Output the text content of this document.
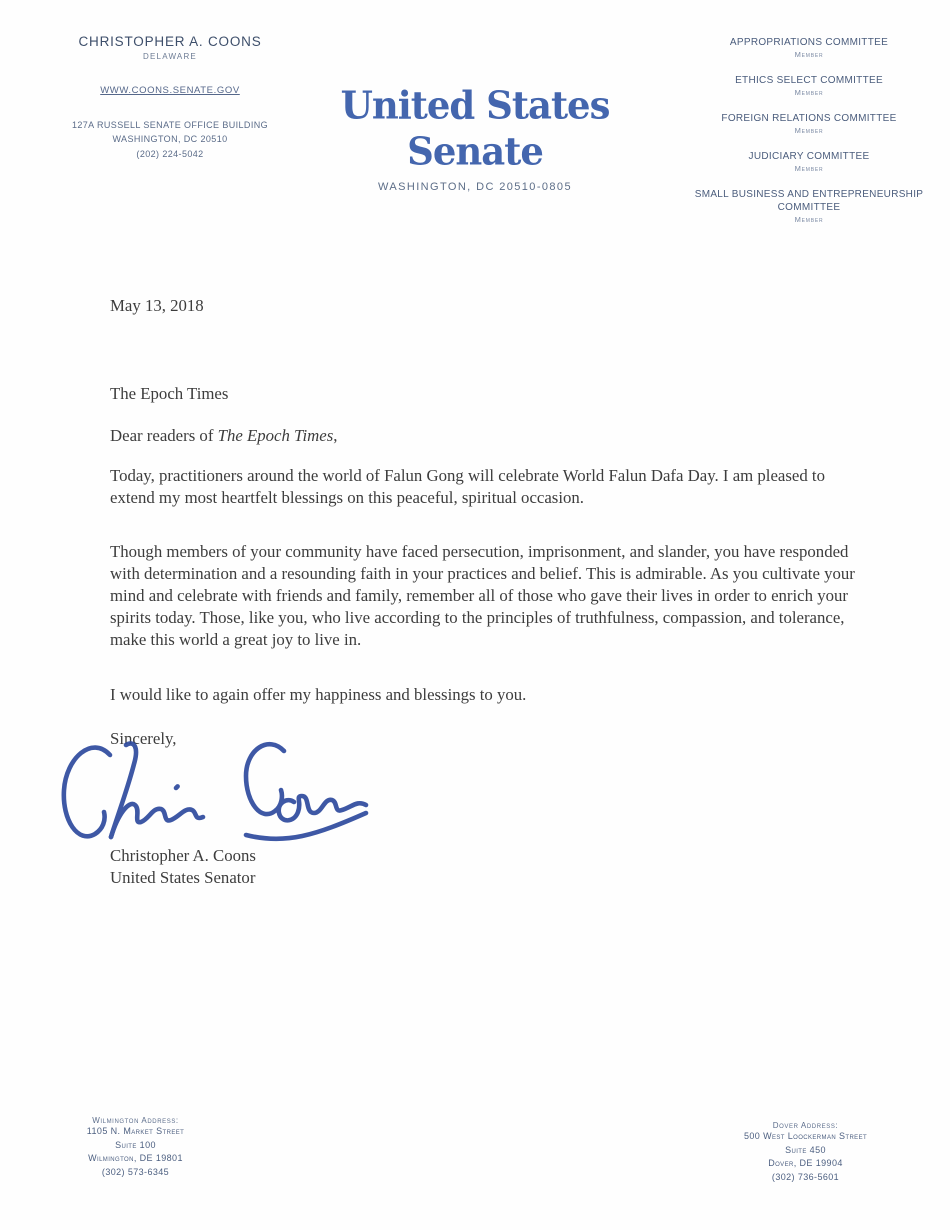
CHRISTOPHER A. COONS
DELAWARE
WWW.COONS.SENATE.GOV
127A RUSSELL SENATE OFFICE BUILDING
WASHINGTON, DC 20510
(202) 224-5042
United States Senate
WASHINGTON, DC 20510-0805
APPROPRIATIONS COMMITTEE
Member
ETHICS SELECT COMMITTEE
Member
FOREIGN RELATIONS COMMITTEE
Member
JUDICIARY COMMITTEE
Member
SMALL BUSINESS AND ENTREPRENEURSHIP COMMITTEE
Member
May 13, 2018
The Epoch Times
Dear readers of The Epoch Times,

Today, practitioners around the world of Falun Gong will celebrate World Falun Dafa Day. I am pleased to extend my most heartfelt blessings on this peaceful, spiritual occasion.

Though members of your community have faced persecution, imprisonment, and slander, you have responded with determination and a resounding faith in your practices and belief. This is admirable. As you cultivate your mind and celebrate with friends and family, remember all of those who gave their lives in order to enrich your spirits today. Those, like you, who live according to the principles of truthfulness, compassion, and tolerance, make this world a great joy to live in.

I would like to again offer my happiness and blessings to you.

Sincerely,
Christopher A. Coons
United States Senator
Wilmington Address:
1105 N. Market Street
Suite 100
Wilmington, DE 19801
(302) 573-6345
Dover Address:
500 West Loockerman Street
Suite 450
Dover, DE 19904
(302) 736-5601
